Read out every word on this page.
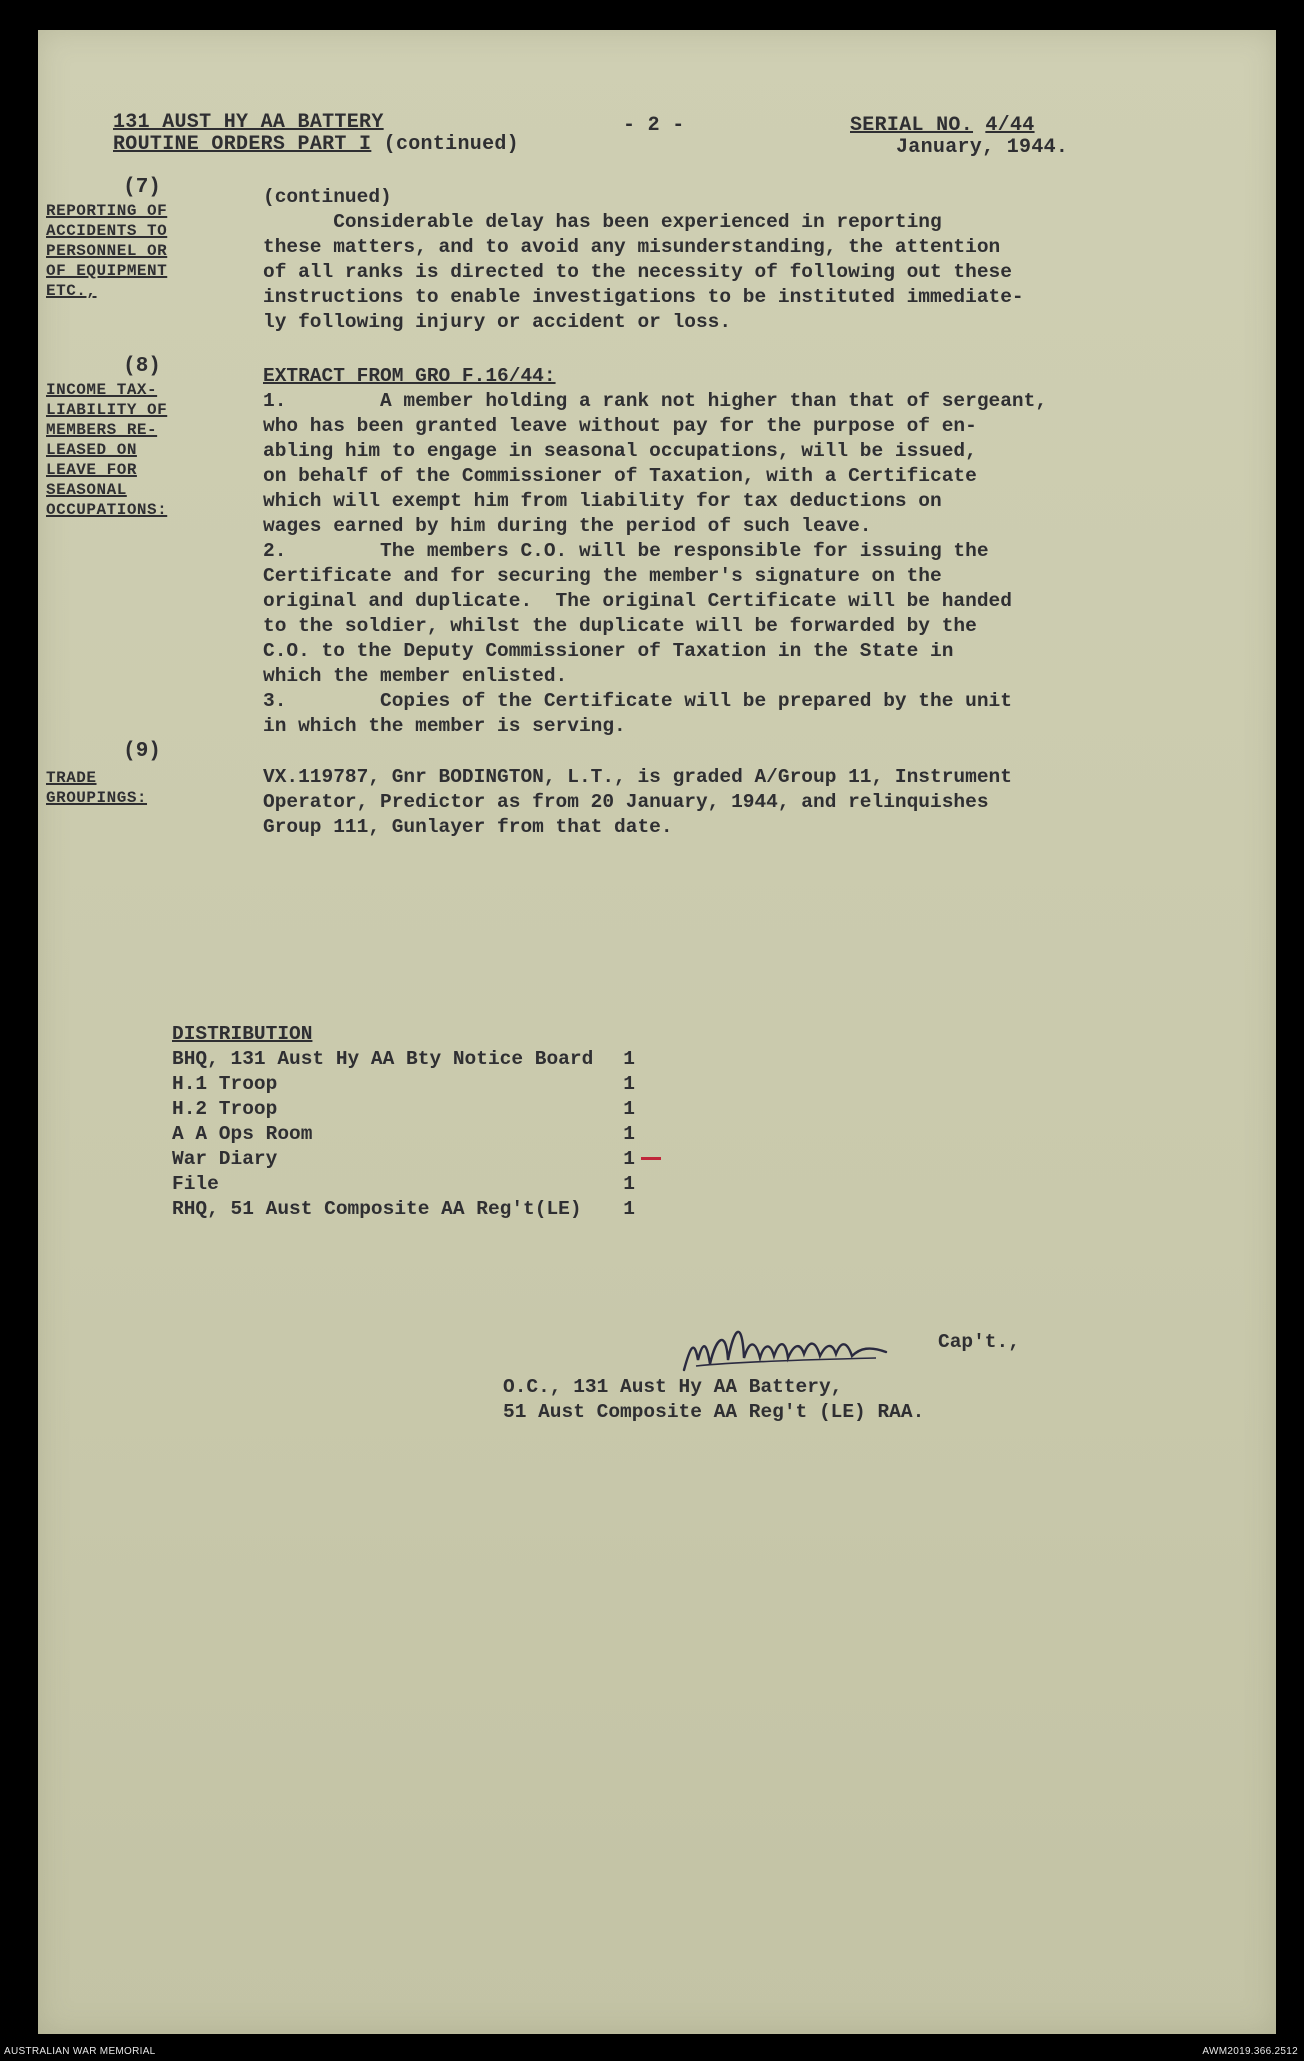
131 AUST HY AA BATTERY
ROUTINE ORDERS PART I (continued)
- 2 -	SERIAL NO. 4/44
January, 1944.
(7)
REPORTING OF
ACCIDENTS TO
PERSONNEL OR
OF EQUIPMENT
ETC.,
(continued)
Considerable delay has been experienced in reporting
these matters, and to avoid any misunderstanding, the attention
of all ranks is directed to the necessity of following out these
instructions to enable investigations to be instituted immediate-
ly following injury or accident or loss.
(8)
INCOME TAX-
LIABILITY OF
MEMBERS RE-
LEASED ON
LEAVE FOR
SEASONAL
OCCUPATIONS:
EXTRACT FROM GRO F.16/44:
1.        A member holding a rank not higher than that of sergeant,
who has been granted leave without pay for the purpose of en-
abling him to engage in seasonal occupations, will be issued,
on behalf of the Commissioner of Taxation, with a Certificate
which will exempt him from liability for tax deductions on
wages earned by him during the period of such leave.
2.        The members C.O. will be responsible for issuing the
Certificate and for securing the member's signature on the
original and duplicate.  The original Certificate will be handed
to the soldier, whilst the duplicate will be forwarded by the
C.O. to the Deputy Commissioner of Taxation in the State in
which the member enlisted.
3.        Copies of the Certificate will be prepared by the unit
in which the member is serving.
(9)
TRADE
GROUPINGS:
VX.119787, Gnr BODINGTON, L.T., is graded A/Group 11, Instrument
Operator, Predictor as from 20 January, 1944, and relinquishes
Group 111, Gunlayer from that date.
DISTRIBUTION
BHQ, 131 Aust Hy AA Bty Notice Board	1
H.1 Troop	1
H.2 Troop	1
A A Ops Room	1
War Diary	1
File	1
RHQ, 51 Aust Composite AA Reg't(LE)	1
Cap't.,
O.C., 131 Aust Hy AA Battery,
51 Aust Composite AA Reg't (LE) RAA.
AUSTRALIAN WAR MEMORIAL	AWM2019.366.2512
